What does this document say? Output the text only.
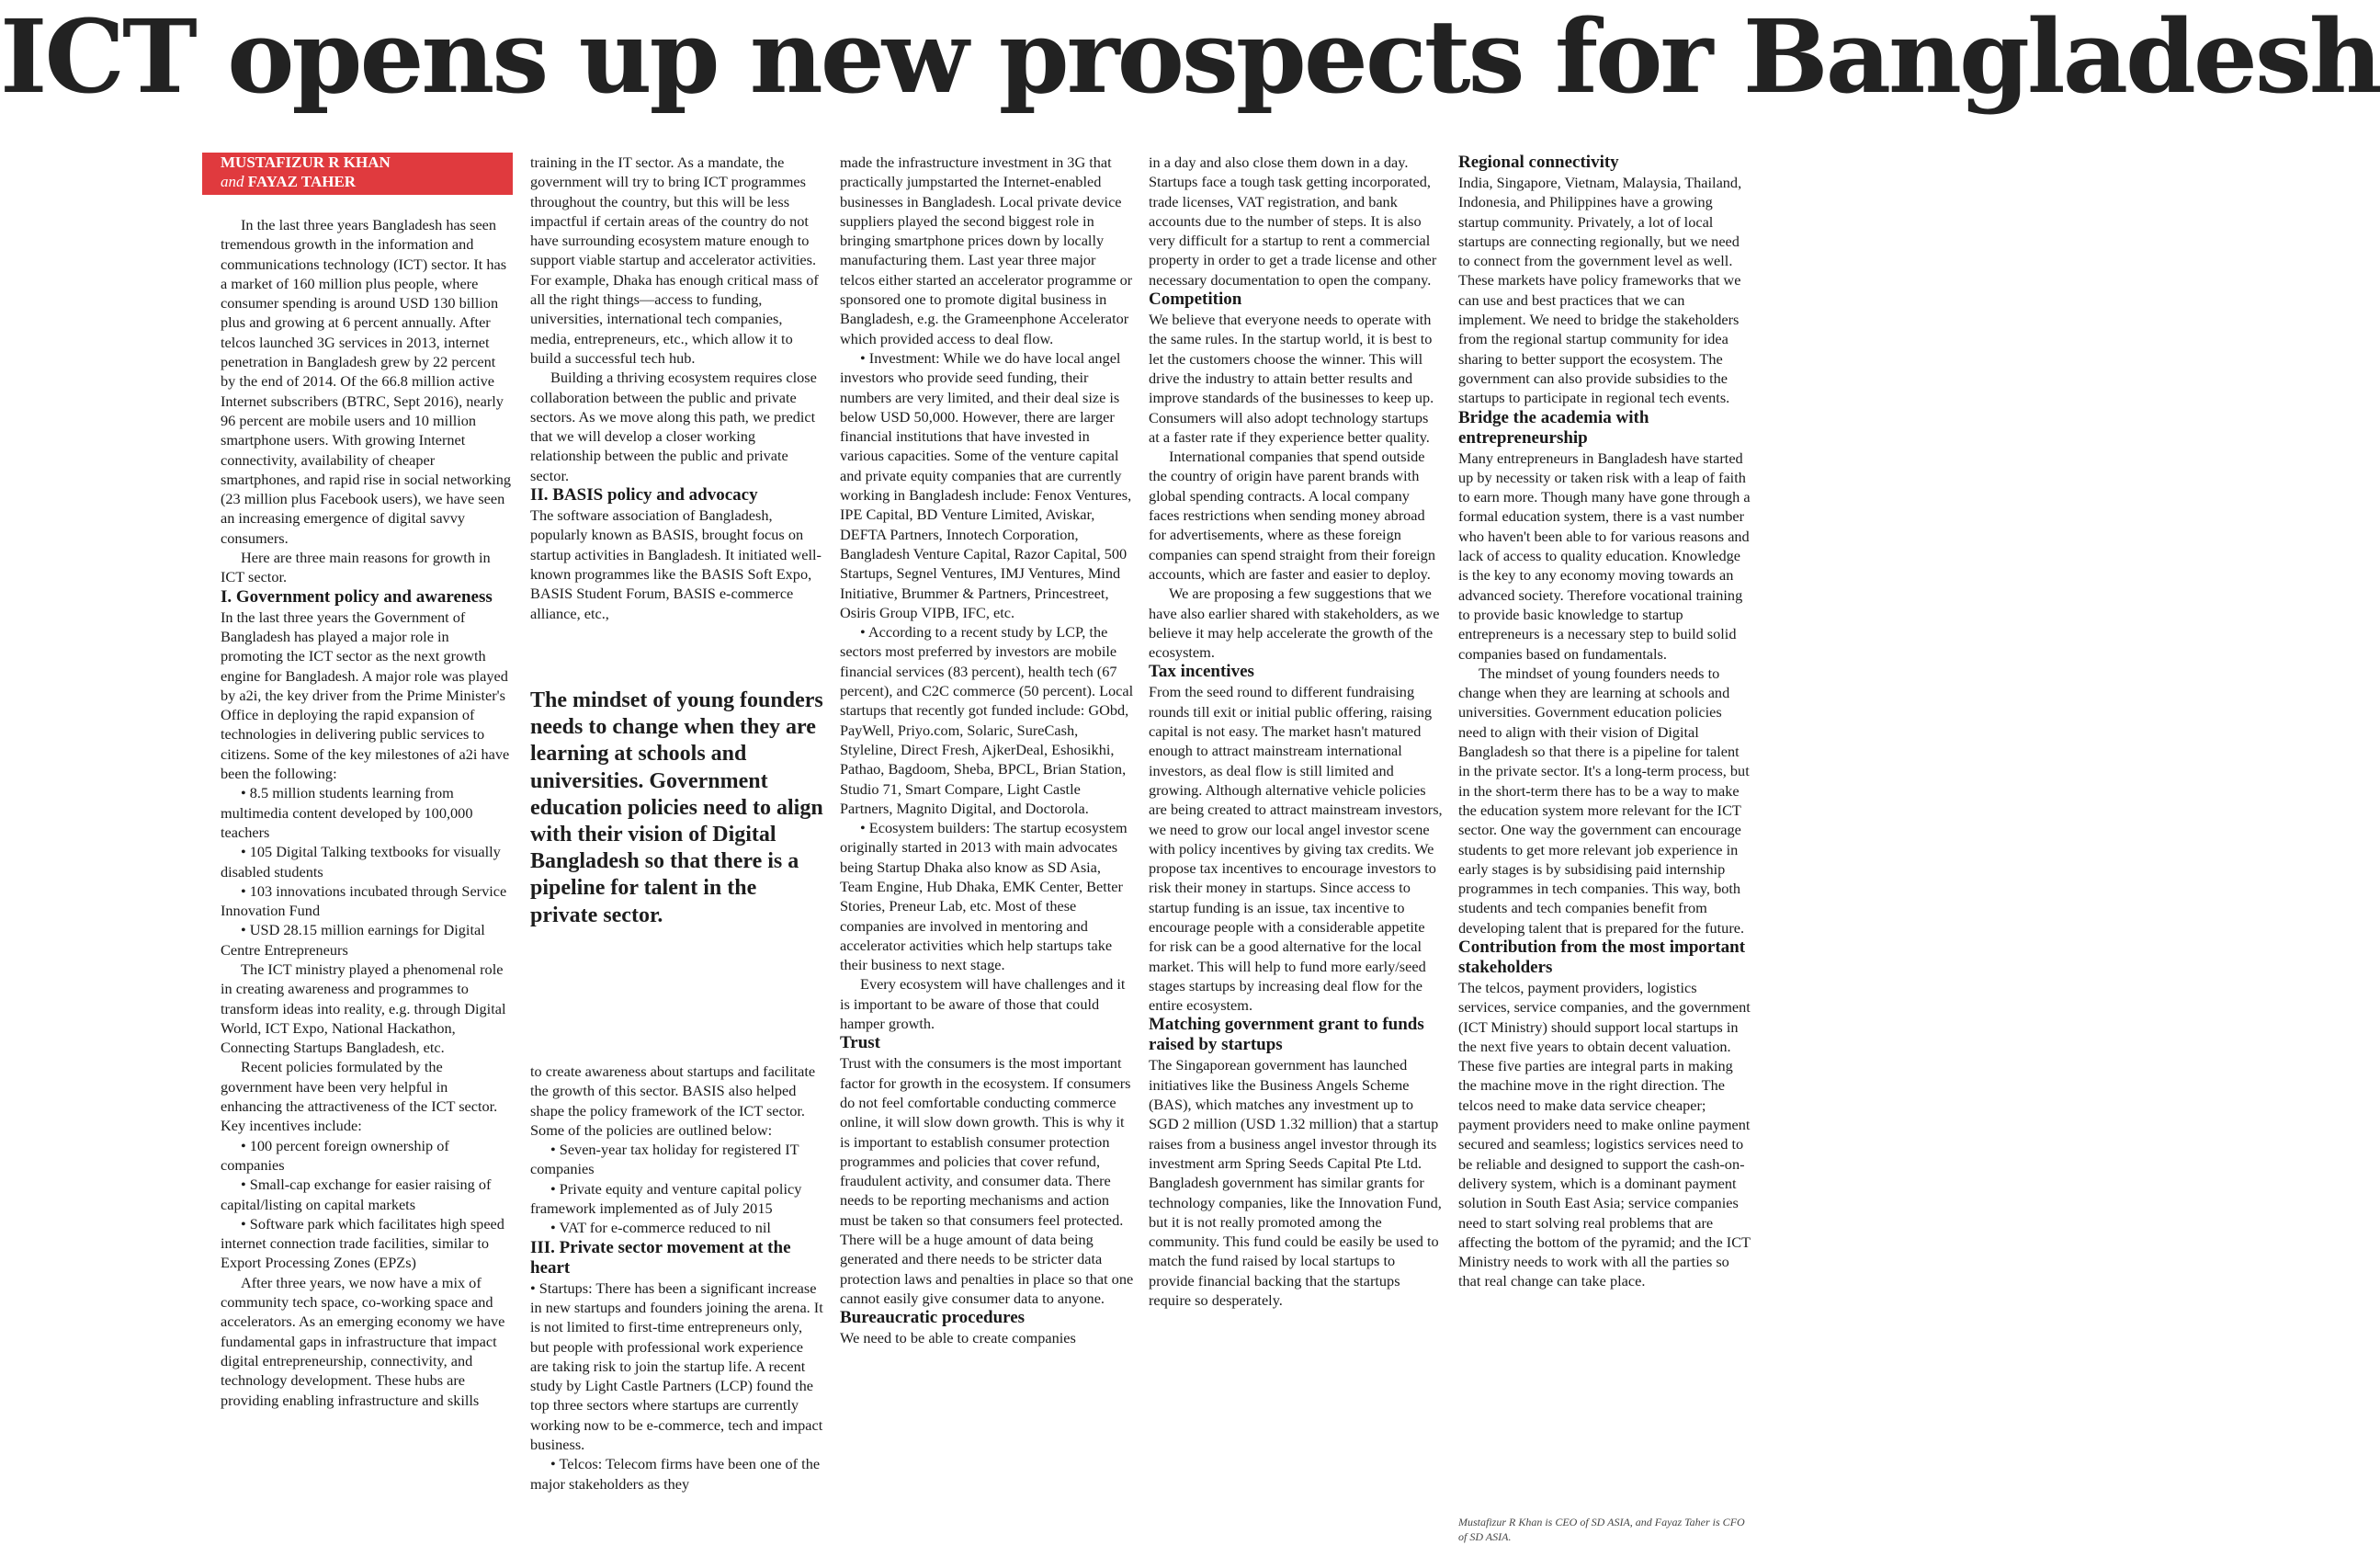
ICT opens up new prospects for Bangladesh
MUSTAFIZUR R KHAN
and FAYAZ TAHER

In the last three years Bangladesh has seen tremendous growth in the information and communications technology (ICT) sector. It has a market of 160 million plus people, where consumer spending is around USD 130 billion plus and growing at 6 percent annually. After telcos launched 3G services in 2013, internet penetration in Bangladesh grew by 22 percent by the end of 2014. Of the 66.8 million active Internet subscribers (BTRC, Sept 2016), nearly 96 percent are mobile users and 10 million smartphone users. With growing Internet connectivity, availability of cheaper smartphones, and rapid rise in social networking (23 million plus Facebook users), we have seen an increasing emergence of digital savvy consumers.

Here are three main reasons for growth in ICT sector.

I. Government policy and awareness

In the last three years the Government of Bangladesh has played a major role in promoting the ICT sector as the next growth engine for Bangladesh. A major role was played by a2i, the key driver from the Prime Minister's Office in deploying the rapid expansion of technologies in delivering public services to citizens. Some of the key milestones of a2i have been the following:

• 8.5 million students learning from multimedia content developed by 100,000 teachers

• 105 Digital Talking textbooks for visually disabled students

• 103 innovations incubated through Service Innovation Fund

• USD 28.15 million earnings for Digital Centre Entrepreneurs

The ICT ministry played a phenomenal role in creating awareness and programmes to transform ideas into reality, e.g. through Digital World, ICT Expo, National Hackathon, Connecting Startups Bangladesh, etc.

Recent policies formulated by the government have been very helpful in enhancing the attractiveness of the ICT sector. Key incentives include:

• 100 percent foreign ownership of companies

• Small-cap exchange for easier raising of capital/listing on capital markets

• Software park which facilitates high speed internet connection trade facilities, similar to Export Processing Zones (EPZs)

After three years, we now have a mix of community tech space, co-working space and accelerators. As an emerging economy we have fundamental gaps in infrastructure that impact digital entrepreneurship, connectivity, and technology development. These hubs are providing enabling infrastructure and skills

training in the IT sector. As a mandate, the government will try to bring ICT programmes throughout the country, but this will be less impactful if certain areas of the country do not have surrounding ecosystem mature enough to support viable startup and accelerator activities. For example, Dhaka has enough critical mass of all the right things—access to funding, universities, international tech companies, media, entrepreneurs, etc., which allow it to build a successful tech hub.

Building a thriving ecosystem requires close collaboration between the public and private sectors. As we move along this path, we predict that we will develop a closer working relationship between the public and private sector.

II. BASIS policy and advocacy

The software association of Bangladesh, popularly known as BASIS, brought focus on startup activities in Bangladesh. It initiated well-known programmes like the BASIS Soft Expo, BASIS Student Forum, BASIS e-commerce alliance, etc.,

The mindset of young founders needs to change when they are learning at schools and universities. Government education policies need to align with their vision of Digital Bangladesh so that there is a pipeline for talent in the private sector.

to create awareness about startups and facilitate the growth of this sector. BASIS also helped shape the policy framework of the ICT sector. Some of the policies are outlined below:

• Seven-year tax holiday for registered IT companies

• Private equity and venture capital policy framework implemented as of July 2015

• VAT for e-commerce reduced to nil

III. Private sector movement at the heart

• Startups: There has been a significant increase in new startups and founders joining the arena. It is not limited to first-time entrepreneurs only, but people with professional work experience are taking risk to join the startup life. A recent study by Light Castle Partners (LCP) found the top three sectors where startups are currently working now to be e-commerce, tech and impact business.

• Telcos: Telecom firms have been one of the major stakeholders as they

made the infrastructure investment in 3G that practically jumpstarted the Internet-enabled businesses in Bangladesh. Local private device suppliers played the second biggest role in bringing smartphone prices down by locally manufacturing them. Last year three major telcos either started an accelerator programme or sponsored one to promote digital business in Bangladesh, e.g. the Grameenphone Accelerator which provided access to deal flow.

• Investment: While we do have local angel investors who provide seed funding, their numbers are very limited, and their deal size is below USD 50,000. However, there are larger financial institutions that have invested in various capacities. Some of the venture capital and private equity companies that are currently working in Bangladesh include: Fenox Ventures, IPE Capital, BD Venture Limited, Aviskar, DEFTA Partners, Innotech Corporation, Bangladesh Venture Capital, Razor Capital, 500 Startups, Segnel Ventures, IMJ Ventures, Mind Initiative, Brummer & Partners, Princestreet, Osiris Group VIPB, IFC, etc.

• According to a recent study by LCP, the sectors most preferred by investors are mobile financial services (83 percent), health tech (67 percent), and C2C commerce (50 percent). Local startups that recently got funded include: GObd, PayWell, Priyo.com, Solaric, SureCash, Styleline, Direct Fresh, AjkerDeal, Eshosikhi, Pathao, Bagdoom, Sheba, BPCL, Brian Station, Studio 71, Smart Compare, Light Castle Partners, Magnito Digital, and Doctorola.

• Ecosystem builders: The startup ecosystem originally started in 2013 with main advocates being Startup Dhaka also know as SD Asia, Team Engine, Hub Dhaka, EMK Center, Better Stories, Preneur Lab, etc. Most of these companies are involved in mentoring and accelerator activities which help startups take their business to next stage.

Every ecosystem will have challenges and it is important to be aware of those that could hamper growth.

Trust

Trust with the consumers is the most important factor for growth in the ecosystem. If consumers do not feel comfortable conducting commerce online, it will slow down growth. This is why it is important to establish consumer protection programmes and policies that cover refund, fraudulent activity, and consumer data. There needs to be reporting mechanisms and action must be taken so that consumers feel protected. There will be a huge amount of data being generated and there needs to be stricter data protection laws and penalties in place so that one cannot easily give consumer data to anyone.

Bureaucratic procedures

We need to be able to create companies

in a day and also close them down in a day. Startups face a tough task getting incorporated, trade licenses, VAT registration, and bank accounts due to the number of steps. It is also very difficult for a startup to rent a commercial property in order to get a trade license and other necessary documentation to open the company.

Competition

We believe that everyone needs to operate with the same rules. In the startup world, it is best to let the customers choose the winner. This will drive the industry to attain better results and improve standards of the businesses to keep up. Consumers will also adopt technology startups at a faster rate if they experience better quality.

International companies that spend outside the country of origin have parent brands with global spending contracts. A local company faces restrictions when sending money abroad for advertisements, where as these foreign companies can spend straight from their foreign accounts, which are faster and easier to deploy.

We are proposing a few suggestions that we have also earlier shared with stakeholders, as we believe it may help accelerate the growth of the ecosystem.

Tax incentives

From the seed round to different fundraising rounds till exit or initial public offering, raising capital is not easy. The market hasn't matured enough to attract mainstream international investors, as deal flow is still limited and growing. Although alternative vehicle policies are being created to attract mainstream investors, we need to grow our local angel investor scene with policy incentives by giving tax credits. We propose tax incentives to encourage investors to risk their money in startups. Since access to startup funding is an issue, tax incentive to encourage people with a considerable appetite for risk can be a good alternative for the local market. This will help to fund more early/seed stages startups by increasing deal flow for the entire ecosystem.

Matching government grant to funds raised by startups

The Singaporean government has launched initiatives like the Business Angels Scheme (BAS), which matches any investment up to SGD 2 million (USD 1.32 million) that a startup raises from a business angel investor through its investment arm Spring Seeds Capital Pte Ltd. Bangladesh government has similar grants for technology companies, like the Innovation Fund, but it is not really promoted among the community. This fund could be easily be used to match the fund raised by local startups to provide financial backing that the startups require so desperately.

Regional connectivity

India, Singapore, Vietnam, Malaysia, Thailand, Indonesia, and Philippines have a growing startup community. Privately, a lot of local startups are connecting regionally, but we need to connect from the government level as well. These markets have policy frameworks that we can use and best practices that we can implement. We need to bridge the stakeholders from the regional startup community for idea sharing to better support the ecosystem. The government can also provide subsidies to the startups to participate in regional tech events.

Bridge the academia with entrepreneurship

Many entrepreneurs in Bangladesh have started up by necessity or taken risk with a leap of faith to earn more. Though many have gone through a formal education system, there is a vast number who haven't been able to for various reasons and lack of access to quality education. Knowledge is the key to any economy moving towards an advanced society. Therefore vocational training to provide basic knowledge to startup entrepreneurs is a necessary step to build solid companies based on fundamentals.

The mindset of young founders needs to change when they are learning at schools and universities. Government education policies need to align with their vision of Digital Bangladesh so that there is a pipeline for talent in the private sector. It's a long-term process, but in the short-term there has to be a way to make the education system more relevant for the ICT sector. One way the government can encourage students to get more relevant job experience in early stages is by subsidising paid internship programmes in tech companies. This way, both students and tech companies benefit from developing talent that is prepared for the future.

Contribution from the most important stakeholders

The telcos, payment providers, logistics services, service companies, and the government (ICT Ministry) should support local startups in the next five years to obtain decent valuation. These five parties are integral parts in making the machine move in the right direction. The telcos need to make data service cheaper; payment providers need to make online payment secured and seamless; logistics services need to be reliable and designed to support the cash-on-delivery system, which is a dominant payment solution in South East Asia; service companies need to start solving real problems that are affecting the bottom of the pyramid; and the ICT Ministry needs to work with all the parties so that real change can take place.

Mustafizur R Khan is CEO of SD ASIA, and Fayaz Taher is CFO of SD ASIA.
